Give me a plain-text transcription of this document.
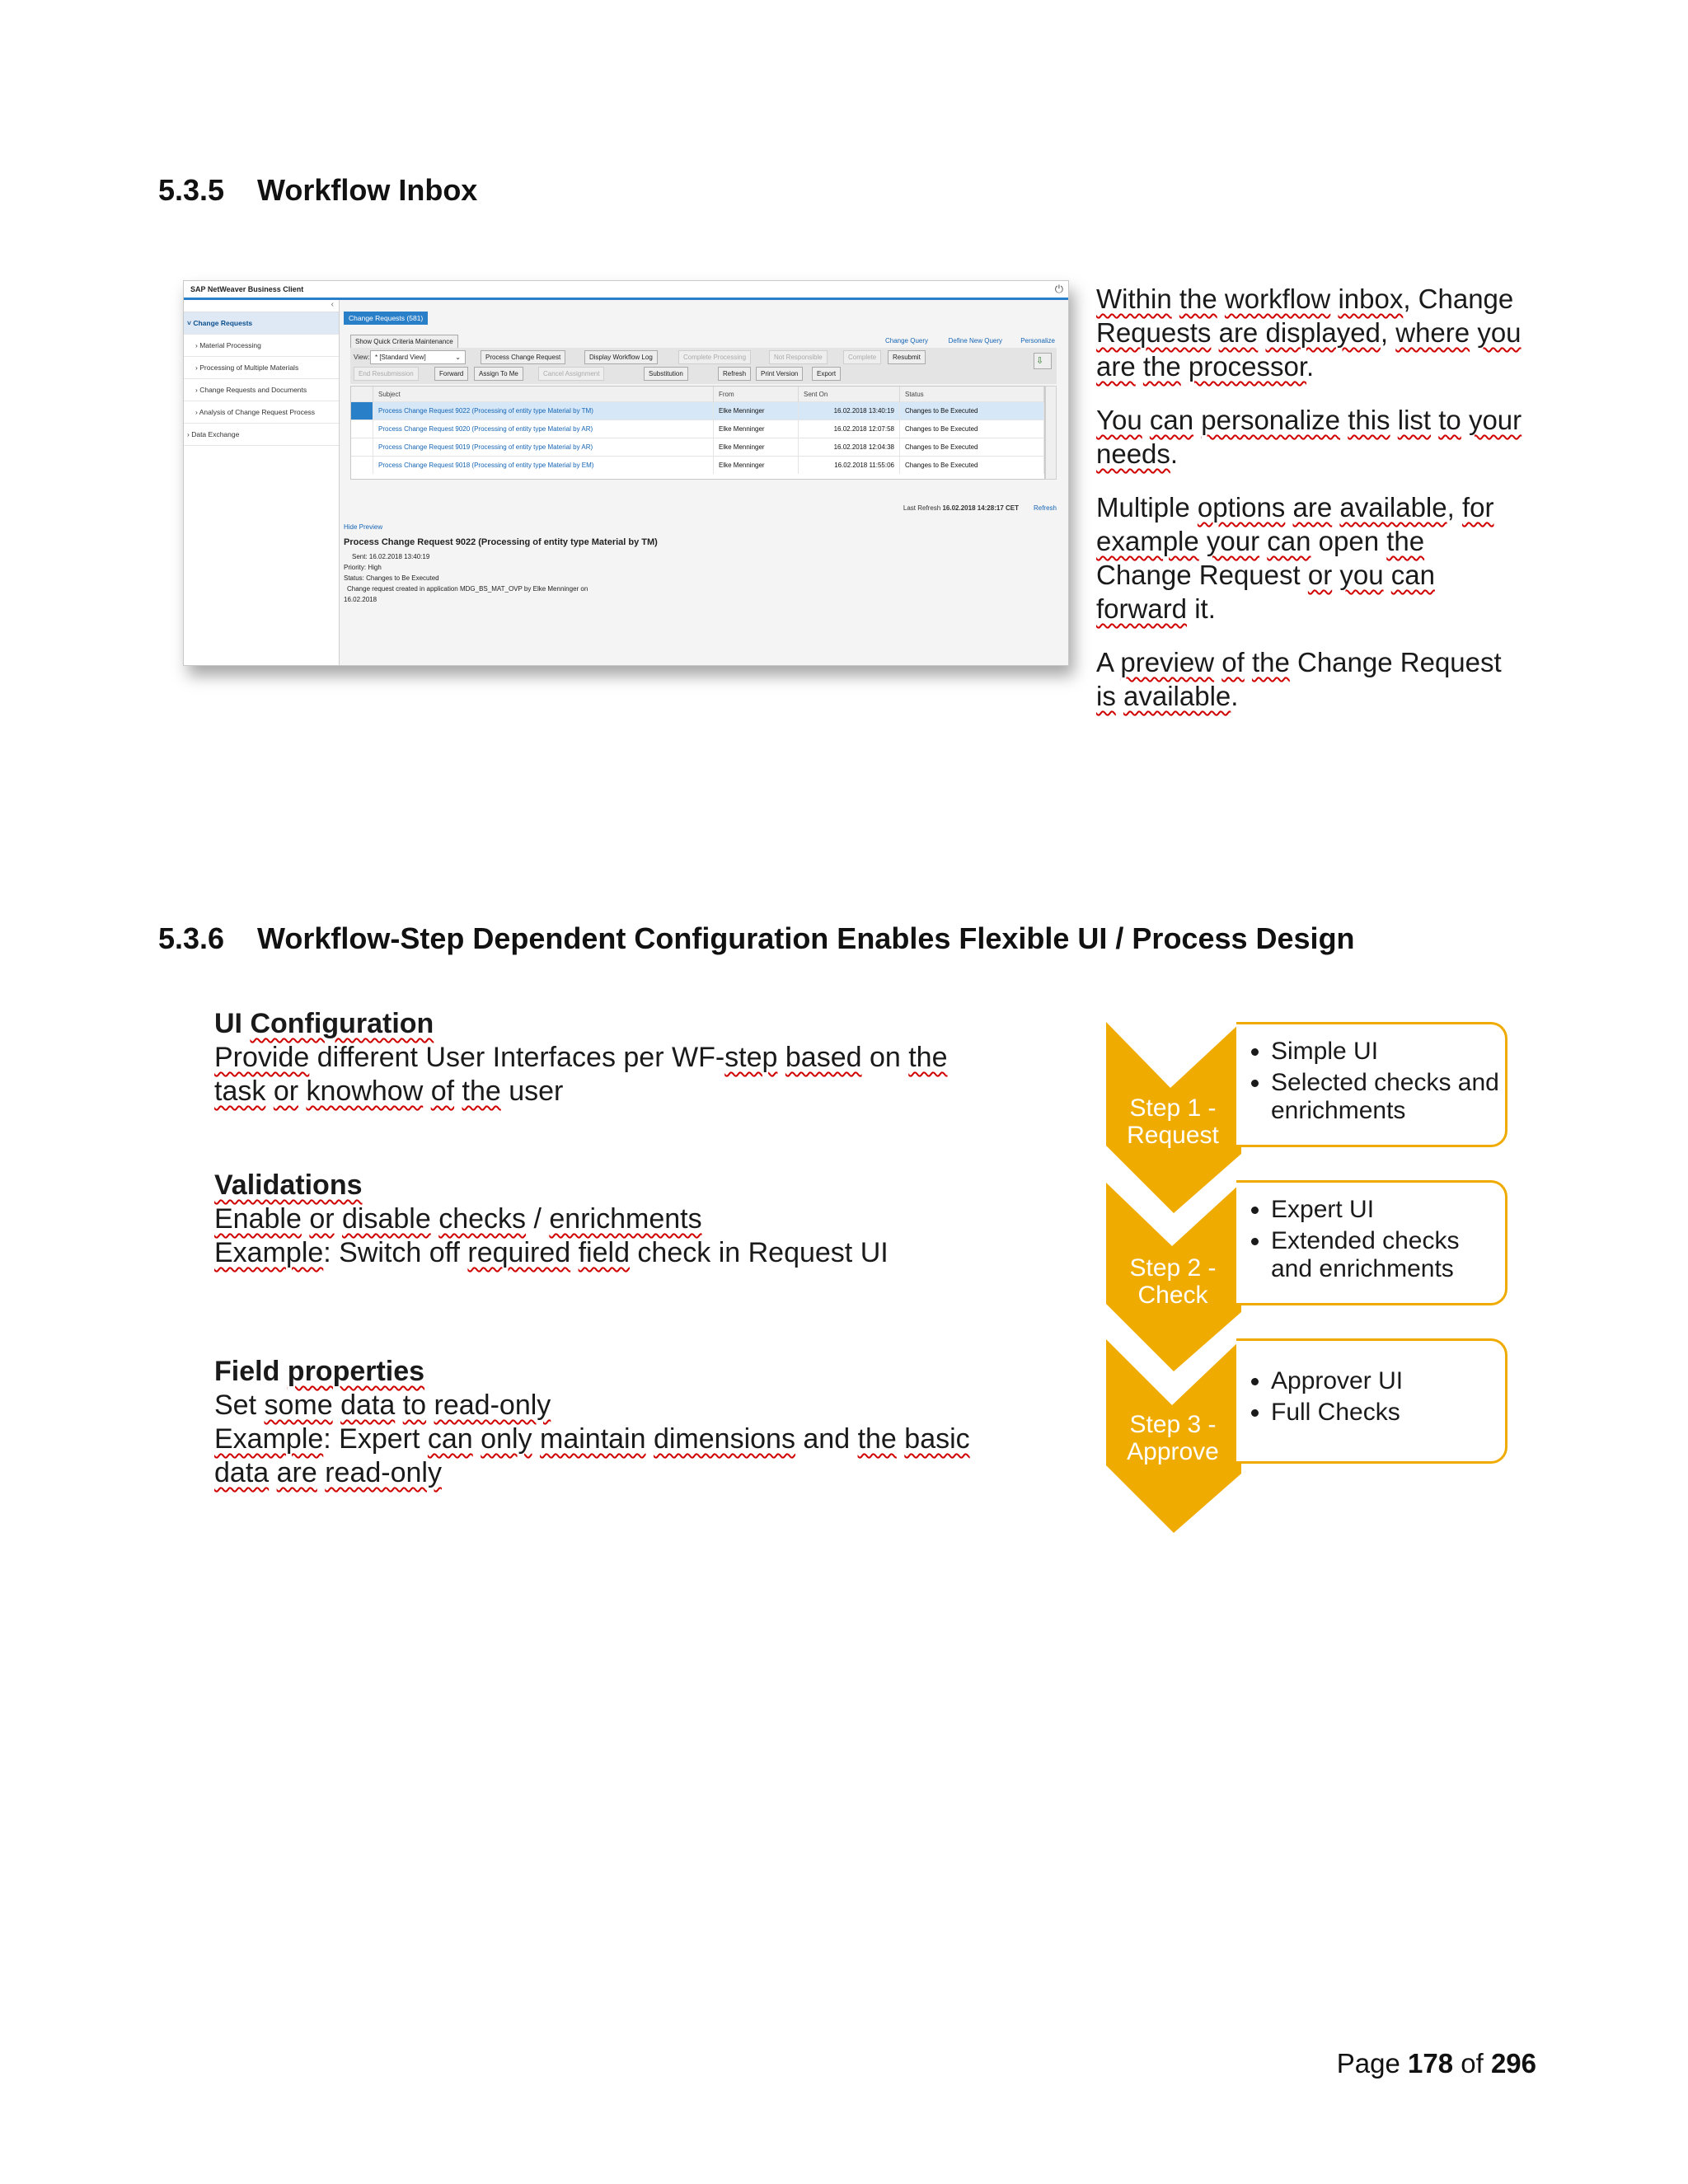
5.3.5 Workflow Inbox
SAP NetWeaver Business Client	⏻
‹
˅ Change Requests
› Material Processing
› Processing of Multiple Materials
› Change Requests and Documents
› Analysis of Change Request Process
› Data Exchange
Change Requests (581)
Show Quick Criteria Maintenance	Change Query	Define New Query	Personalize
View: * [Standard View]	⌄	Process Change Request	Display Workflow Log	Complete Processing	Not Responsible	Complete	Resubmit	⇩
End Resubmission	Forward	Assign To Me	Cancel Assignment	Substitution	Refresh	Print Version	Export
	Subject	From	Sent On	Status
	Process Change Request 9022 (Processing of entity type Material by TM)	Elke Menninger	16.02.2018 13:40:19	Changes to Be Executed
	Process Change Request 9020 (Processing of entity type Material by AR)	Elke Menninger	16.02.2018 12:07:58	Changes to Be Executed
	Process Change Request 9019 (Processing of entity type Material by AR)	Elke Menninger	16.02.2018 12:04:38	Changes to Be Executed
	Process Change Request 9018 (Processing of entity type Material by EM)	Elke Menninger	16.02.2018 11:55:06	Changes to Be Executed
Last Refresh 16.02.2018 14:28:17 CET Refresh
Hide Preview
Process Change Request 9022 (Processing of entity type Material by TM)
Sent: 16.02.2018 13:40:19
Priority: High
Status: Changes to Be Executed
Change request created in application MDG_BS_MAT_OVP by Elke Menninger on
16.02.2018

Within the workflow inbox, Change Requests are displayed, where you are the processor.

You can personalize this list to your needs.

Multiple options are available, for example your can open the Change Request or you can forward it.

A preview of the Change Request is available.

5.3.6 Workflow-Step Dependent Configuration Enables Flexible UI / Process Design
UI Configuration
Provide different User Interfaces per WF-step based on the
task or knowhow of the user
Validations
Enable or disable checks / enrichments
Example: Switch off required field check in Request UI
Field properties
Set some data to read-only
Example: Expert can only maintain dimensions and the basic
data are read-only
Step 1 -
Request
Step 2 -
Check
Step 3 -
Approve
• Simple UI
• Selected checks and enrichments
• Expert UI
• Extended checks and enrichments
• Approver UI
• Full Checks
Page 178 of 296
